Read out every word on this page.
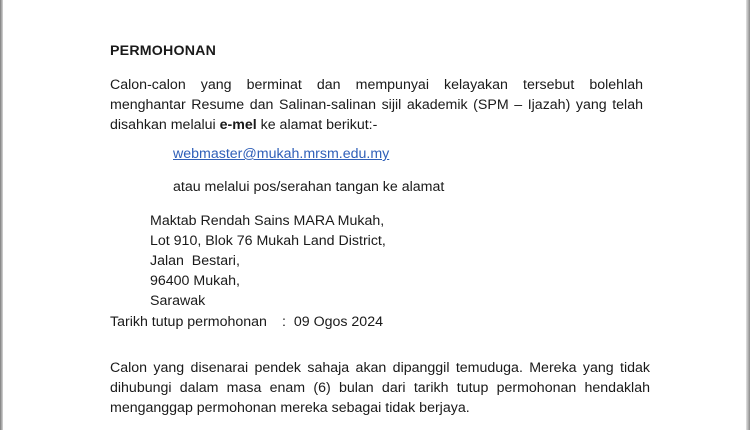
PERMOHONAN

Calon-calon yang berminat dan mempunyai kelayakan tersebut bolehlah
menghantar Resume dan Salinan-salinan sijil akademik (SPM – Ijazah) yang telah
disahkan melalui e-mel ke alamat berikut:-
webmaster@mukah.mrsm.edu.my

atau melalui pos/serahan tangan ke alamat

Maktab Rendah Sains MARA Mukah,
Lot 910, Blok 76 Mukah Land District,
Jalan  Bestari,
96400 Mukah,
Sarawak

Tarikh tutup permohonan : 09 Ogos 2024

Calon yang disenarai pendek sahaja akan dipanggil temuduga. Mereka yang tidak
dihubungi dalam masa enam (6) bulan dari tarikh tutup permohonan hendaklah
menganggap permohonan mereka sebagai tidak berjaya.
